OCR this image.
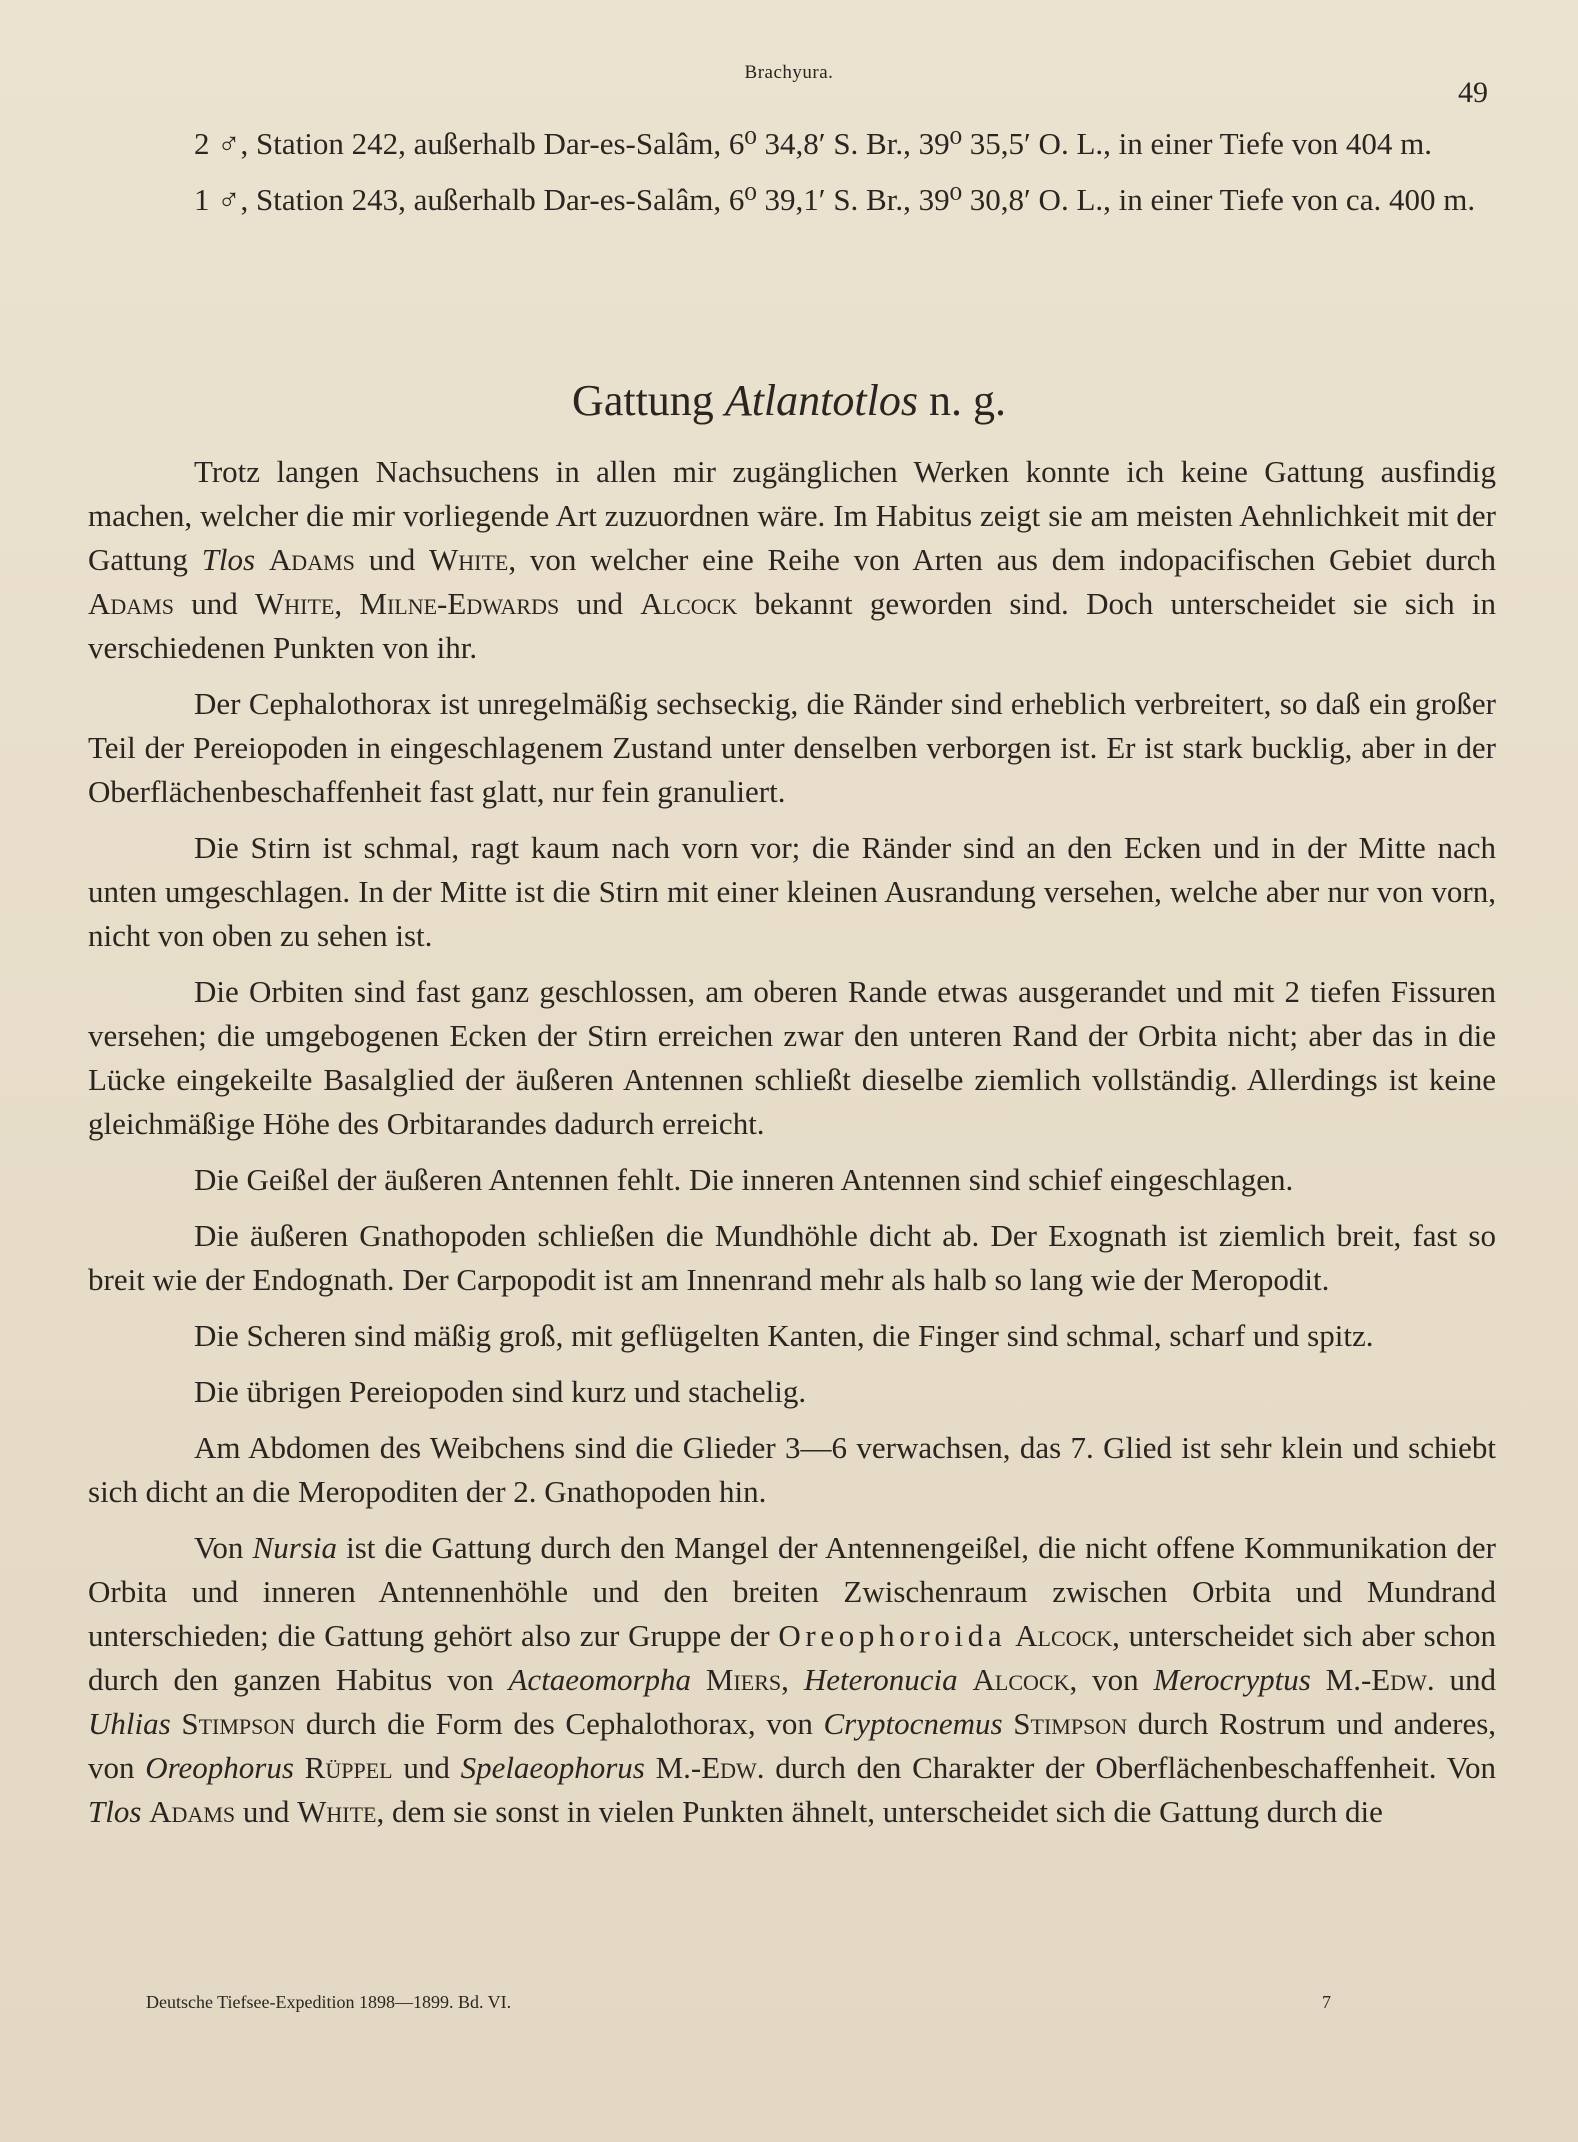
Brachyura.
49

2 ♂, Station 242, außerhalb Dar-es-Salâm, 6⁰ 34,8′ S. Br., 39⁰ 35,5′ O. L., in einer Tiefe von 404 m.

1 ♂, Station 243, außerhalb Dar-es-Salâm, 6⁰ 39,1′ S. Br., 39⁰ 30,8′ O. L., in einer Tiefe von ca. 400 m.

Gattung Atlantotlos n. g.

Trotz langen Nachsuchens in allen mir zugänglichen Werken konnte ich keine Gattung ausfindig machen, welcher die mir vorliegende Art zuzuordnen wäre. Im Habitus zeigt sie am meisten Aehnlichkeit mit der Gattung Tlos Adams und White, von welcher eine Reihe von Arten aus dem indopacifischen Gebiet durch Adams und White, Milne-Edwards und Alcock bekannt geworden sind. Doch unterscheidet sie sich in verschiedenen Punkten von ihr.

Der Cephalothorax ist unregelmäßig sechseckig, die Ränder sind erheblich verbreitert, so daß ein großer Teil der Pereiopoden in eingeschlagenem Zustand unter denselben verborgen ist. Er ist stark bucklig, aber in der Oberflächenbeschaffenheit fast glatt, nur fein granuliert.

Die Stirn ist schmal, ragt kaum nach vorn vor; die Ränder sind an den Ecken und in der Mitte nach unten umgeschlagen. In der Mitte ist die Stirn mit einer kleinen Ausrandung versehen, welche aber nur von vorn, nicht von oben zu sehen ist.

Die Orbiten sind fast ganz geschlossen, am oberen Rande etwas ausgerandet und mit 2 tiefen Fissuren versehen; die umgebogenen Ecken der Stirn erreichen zwar den unteren Rand der Orbita nicht; aber das in die Lücke eingekeilte Basalglied der äußeren Antennen schließt dieselbe ziemlich vollständig. Allerdings ist keine gleichmäßige Höhe des Orbitarandes dadurch erreicht.

Die Geißel der äußeren Antennen fehlt. Die inneren Antennen sind schief eingeschlagen.

Die äußeren Gnathopoden schließen die Mundhöhle dicht ab. Der Exognath ist ziemlich breit, fast so breit wie der Endognath. Der Carpopodit ist am Innenrand mehr als halb so lang wie der Meropodit.

Die Scheren sind mäßig groß, mit geflügelten Kanten, die Finger sind schmal, scharf und spitz.

Die übrigen Pereiopoden sind kurz und stachelig.

Am Abdomen des Weibchens sind die Glieder 3—6 verwachsen, das 7. Glied ist sehr klein und schiebt sich dicht an die Meropoditen der 2. Gnathopoden hin.

Von Nursia ist die Gattung durch den Mangel der Antennengeißel, die nicht offene Kommunikation der Orbita und inneren Antennenhöhle und den breiten Zwischenraum zwischen Orbita und Mundrand unterschieden; die Gattung gehört also zur Gruppe der Oreophoroida Alcock, unterscheidet sich aber schon durch den ganzen Habitus von Actaeomorpha Miers, Heteronucia Alcock, von Merocryptus M.-Edw. und Uhlias Stimpson durch die Form des Cephalothorax, von Cryptocnemus Stimpson durch Rostrum und anderes, von Oreophorus Rüppel und Spelaeophorus M.-Edw. durch den Charakter der Oberflächenbeschaffenheit. Von Tlos Adams und White, dem sie sonst in vielen Punkten ähnelt, unterscheidet sich die Gattung durch die

Deutsche Tiefsee-Expedition 1898—1899. Bd. VI.	7
